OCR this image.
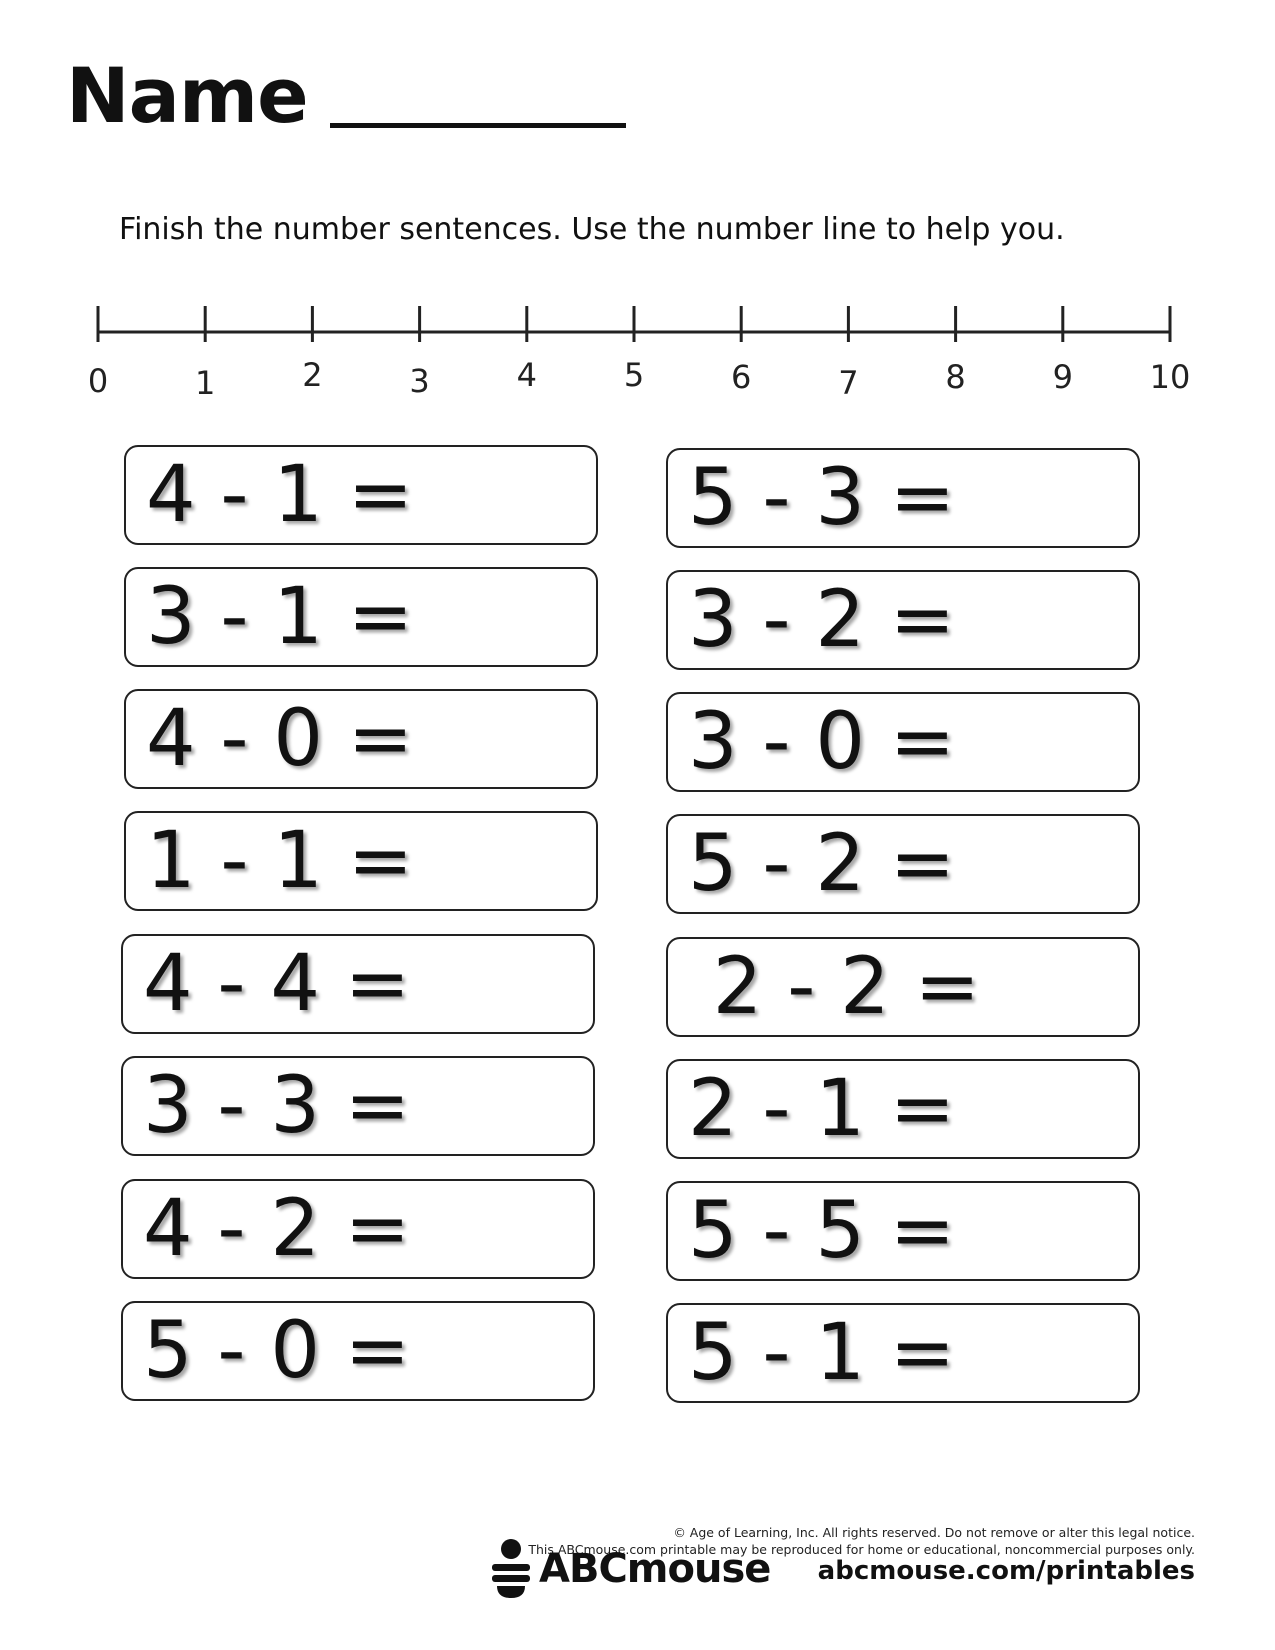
Name
Finish the number sentences. Use the number line to help you.
0	1	2	3	4	5	6	7	8	9 10
4 - 1 =
3 - 1 =
4 - 0 =
1 - 1 =
4 - 4 =
3 - 3 =
4 - 2 =
5 - 0 =
5 - 3 =
3 - 2 =
3 - 0 =
5 - 2 =
2 - 2 =
2 - 1 =
5 - 5 =
5 - 1 =
© Age of Learning, Inc. All rights reserved. Do not remove or alter this legal notice.
This ABCmouse.com printable may be reproduced for home or educational, noncommercial purposes only.
ABCmouse abcmouse.com/printables
